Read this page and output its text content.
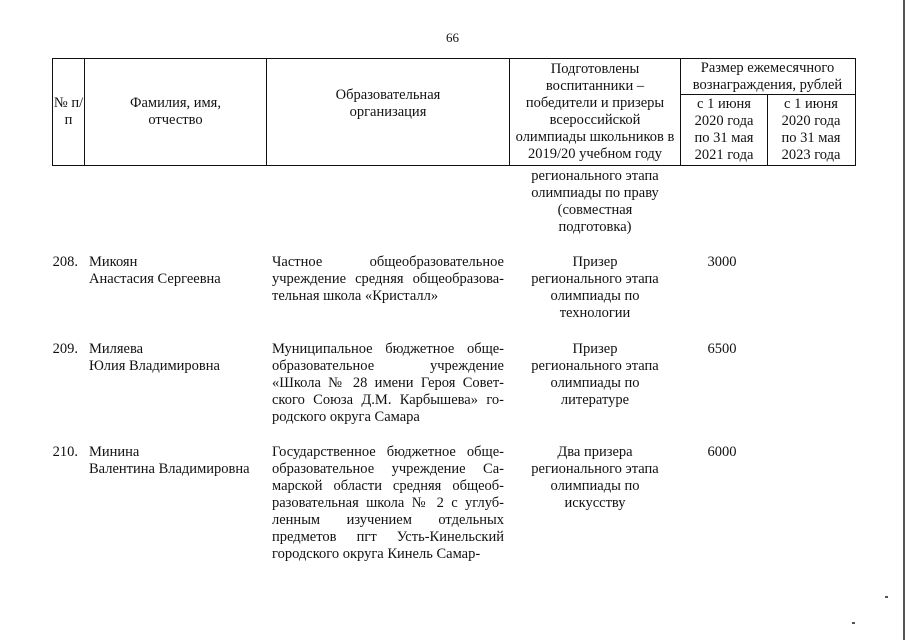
66
№ п/п
Фамилия, имя, отчество
Образовательная организация
Подготовлены воспитанники – победители и призеры всероссийской олимпиады школьников в 2019/20 учебном году
Размер ежемесячного вознаграждения, рублей
с 1 июня 2020 года по 31 мая 2021 года
с 1 июня 2020 года по 31 мая 2023 года
регионального этапа
олимпиады по праву
(совместная
подготовка)
208. Микоян
Анастасия Сергеевна
Частное общеобразовательное
учреждение средняя общеобразова-
тельная школа «Кристалл»
Призер
регионального этапа
олимпиады по
технологии
3000
209. Миляева
Юлия Владимировна
Муниципальное бюджетное обще-
образовательное учреждение
«Школа № 28 имени Героя Совет-
ского Союза Д.М. Карбышева» го-
родского округа Самара
Призер
регионального этапа
олимпиады по
литературе
6500
210. Минина
Валентина Владимировна
Государственное бюджетное обще-
образовательное учреждение Са-
марской области средняя общеоб-
разовательная школа № 2 с углуб-
ленным изучением отдельных
предметов пгт Усть-Кинельский
городского округа Кинель Самар-
Два призера
регионального этапа
олимпиады по
искусству
6000
